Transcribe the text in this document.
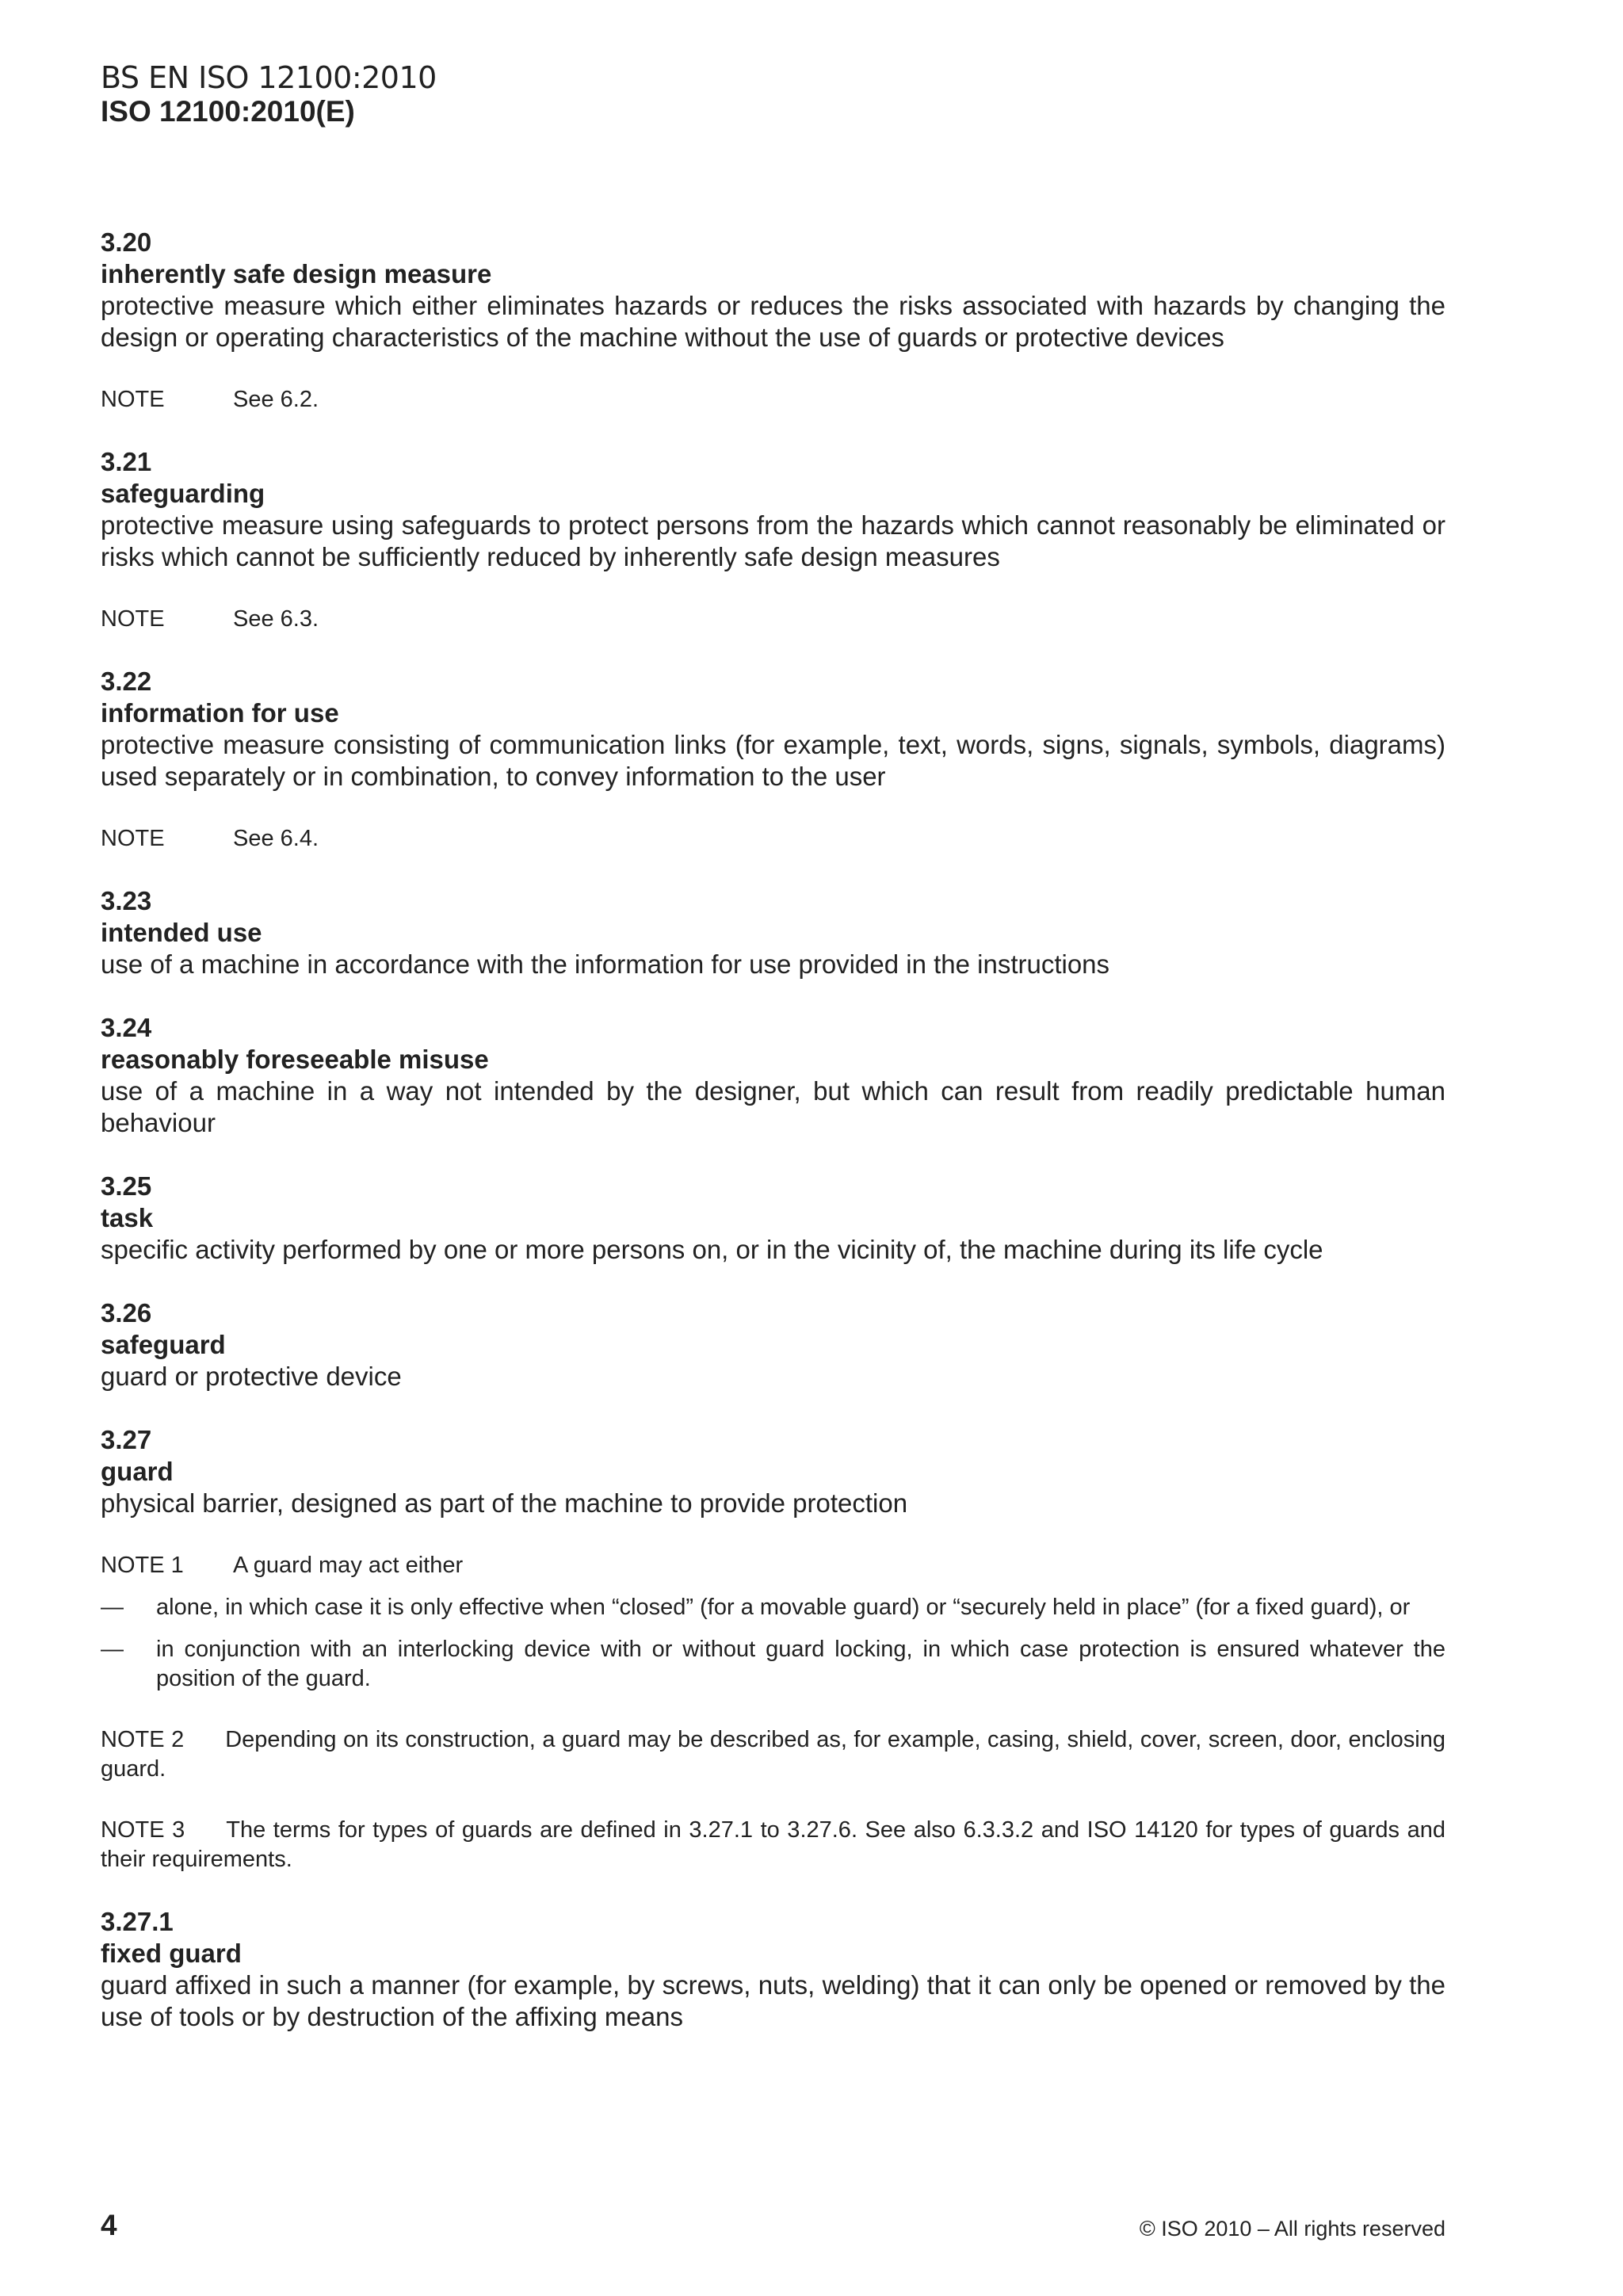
BS EN ISO 12100:2010
ISO 12100:2010(E)
3.20
inherently safe design measure
protective measure which either eliminates hazards or reduces the risks associated with hazards by changing the design or operating characteristics of the machine without the use of guards or protective devices
NOTE	See 6.2.
3.21
safeguarding
protective measure using safeguards to protect persons from the hazards which cannot reasonably be eliminated or risks which cannot be sufficiently reduced by inherently safe design measures
NOTE	See 6.3.
3.22
information for use
protective measure consisting of communication links (for example, text, words, signs, signals, symbols, diagrams) used separately or in combination, to convey information to the user
NOTE	See 6.4.
3.23
intended use
use of a machine in accordance with the information for use provided in the instructions
3.24
reasonably foreseeable misuse
use of a machine in a way not intended by the designer, but which can result from readily predictable human behaviour
3.25
task
specific activity performed by one or more persons on, or in the vicinity of, the machine during its life cycle
3.26
safeguard
guard or protective device
3.27
guard
physical barrier, designed as part of the machine to provide protection
NOTE 1 A guard may act either
— alone, in which case it is only effective when “closed” (for a movable guard) or “securely held in place” (for a fixed guard), or
— in conjunction with an interlocking device with or without guard locking, in which case protection is ensured whatever the position of the guard.
NOTE 2 Depending on its construction, a guard may be described as, for example, casing, shield, cover, screen, door, enclosing guard.
NOTE 3 The terms for types of guards are defined in 3.27.1 to 3.27.6. See also 6.3.3.2 and ISO 14120 for types of guards and their requirements.
3.27.1
fixed guard
guard affixed in such a manner (for example, by screws, nuts, welding) that it can only be opened or removed by the use of tools or by destruction of the affixing means
4	© ISO 2010 – All rights reserved
